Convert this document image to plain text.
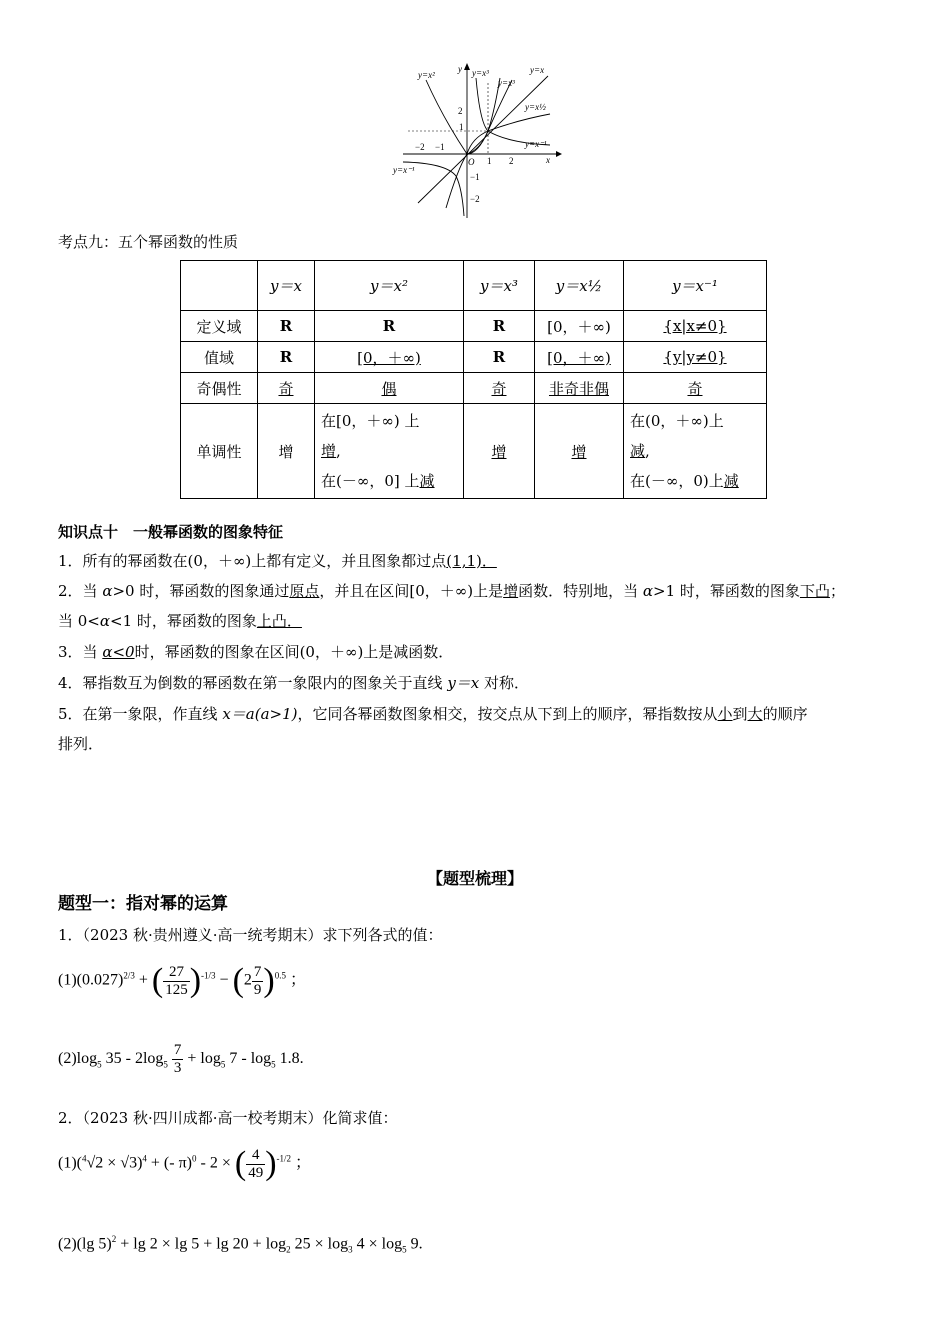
y
x
O
y=x²	y=x³	y=x
y=x³
y=x½
y=x⁻¹
y=x⁻¹
2
1
−2 −1
1 2
−1
−2
考点九：五个幂函数的性质
	y＝x	y＝x²	y＝x³	y＝x½	y＝x⁻¹
定义域	R	R	R	[0，＋∞)	{x|x≠0}
值域	R	[0，＋∞)	R	[0，＋∞)	{y|y≠0}
奇偶性	奇	偶	奇	非奇非偶	奇
单调性	增	在[0，＋∞) 上
增,
在(－∞，0] 上减	增	增	在(0，＋∞)上
减,
在(－∞，0)上减
知识点十　一般幂函数的图象特征
1．所有的幂函数在(0，＋∞)上都有定义，并且图象都过点(1,1)．
2．当 α>0 时，幂函数的图象通过原点，并且在区间[0，＋∞)上是增函数．特别地，当 α>1 时，幂函数的图象下凸；
当 0<α<1 时，幂函数的图象上凸．
3．当 α<0时，幂函数的图象在区间(0，＋∞)上是减函数．
4．幂指数互为倒数的幂函数在第一象限内的图象关于直线 y＝x 对称．
5．在第一象限，作直线 x＝a(a>1)，它同各幂函数图象相交，按交点从下到上的顺序，幂指数按从小到大的顺序
排列．
【题型梳理】
题型一：指对幂的运算
1．（2023 秋·贵州遵义·高一统考期末）求下列各式的值：
$(1)(0.027)^{2/3}$ + ( $\frac{27}{125} )^{-1/3} - (2 \frac{7}{9} )^{0.5}$ ；
$(2)\log_5$ $35 - 2\log_5 \frac{7}{3} + \log_5 7 - \log_5 1.8$.
2．（2023 秋·四川成都·高一校考期末）化简求值：
$(1)(^4√2 \times √3)^4$ + (- π)$^0$ - 2 × ( $\frac{4}{49} )^{-1/2}$ ；
(2)(lg $5)^2 + \lg 2 \times \lg 5 + \lg 20 + \log_2 25 \times \log_3 4 \times \log_5 9$.
